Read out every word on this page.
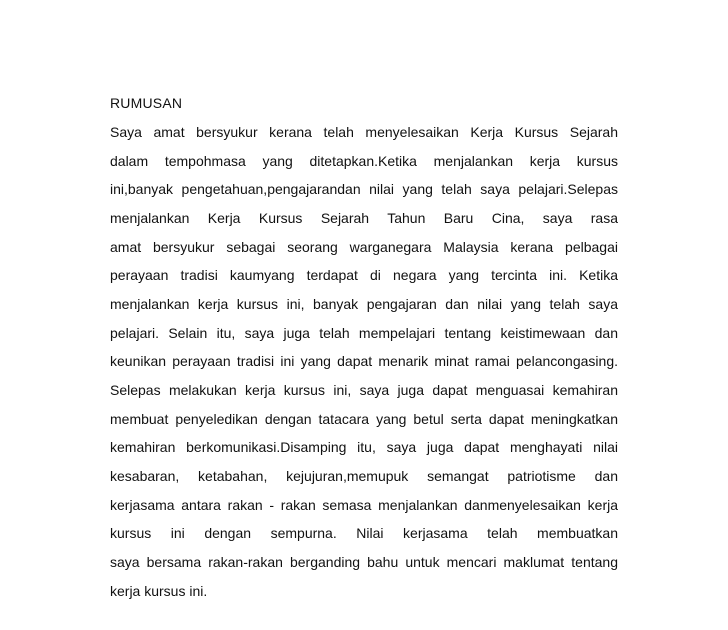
RUMUSAN
Saya amat bersyukur kerana telah menyelesaikan Kerja Kursus Sejarah
dalam tempohmasa yang ditetapkan.Ketika menjalankan kerja kursus
ini,banyak pengetahuan,pengajarandan nilai yang telah saya pelajari.Selepas
menjalankan Kerja Kursus Sejarah Tahun Baru Cina, saya rasa
amat bersyukur sebagai seorang warganegara Malaysia kerana pelbagai
perayaan tradisi kaumyang terdapat di negara yang tercinta ini. Ketika
menjalankan kerja kursus ini, banyak pengajaran dan nilai yang telah saya
pelajari. Selain itu, saya juga telah mempelajari tentang keistimewaan dan
keunikan perayaan tradisi ini yang dapat menarik minat ramai pelancongasing.
Selepas melakukan kerja kursus ini, saya juga dapat menguasai kemahiran
membuat penyeledikan dengan tatacara yang betul serta dapat meningkatkan
kemahiran berkomunikasi.Disamping itu, saya juga dapat menghayati nilai
kesabaran, ketabahan, kejujuran,memupuk semangat patriotisme dan
kerjasama antara rakan - rakan semasa menjalankan danmenyelesaikan kerja
kursus ini dengan sempurna. Nilai kerjasama telah membuatkan
saya bersama rakan-rakan berganding bahu untuk mencari maklumat tentang
kerja kursus ini.
